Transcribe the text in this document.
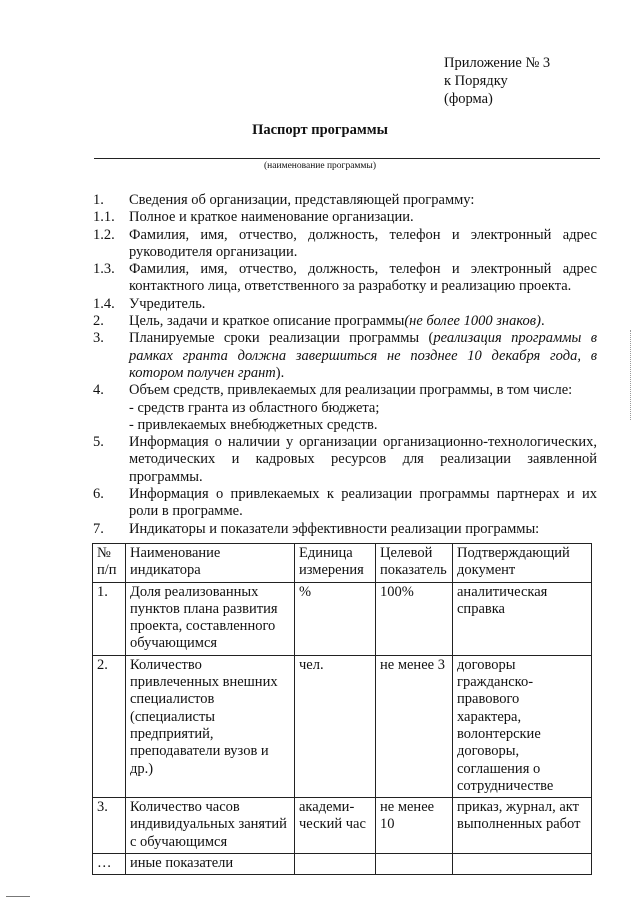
Приложение № 3
к Порядку
(форма)
Паспорт программы
(наименование программы)
1.	Сведения об организации, представляющей программу:
1.1. Полное и краткое наименование организации.
1.2. Фамилия, имя, отчество, должность, телефон и электронный адрес руководителя организации.
1.3. Фамилия, имя, отчество, должность, телефон и электронный адрес контактного лица, ответственного за разработку и реализацию проекта.
1.4. Учредитель.
2.	Цель, задачи и краткое описание программы(не более 1000 знаков).
3.	Планируемые сроки реализации программы (реализация программы в рамках гранта должна завершиться не позднее 10 декабря года, в котором получен грант).
4.	Объем средств, привлекаемых для реализации программы, в том числе:
- средств гранта из областного бюджета;
- привлекаемых внебюджетных средств.
5.	Информация о наличии у организации организационно-технологических, методических и кадровых ресурсов для реализации заявленной программы.
6.	Информация о привлекаемых к реализации программы партнерах и их роли в программе.
7.	Индикаторы и показатели эффективности реализации программы:
№ п/п	Наименование индикатора	Единица измерения	Целевой показатель	Подтверждающий документ
1.	Доля реализованных пунктов плана развития проекта, составленного обучающимся	%	100%	аналитическая справка
2.	Количество привлеченных внешних специалистов (специалисты предприятий, преподаватели вузов и др.)	чел.	не менее 3	договоры гражданско-правового характера, волонтерские договоры, соглашения о сотрудничестве
3.	Количество часов индивидуальных занятий с обучающимся	академи-ческий час	не менее 10	приказ, журнал, акт выполненных работ
…	иные показатели			
